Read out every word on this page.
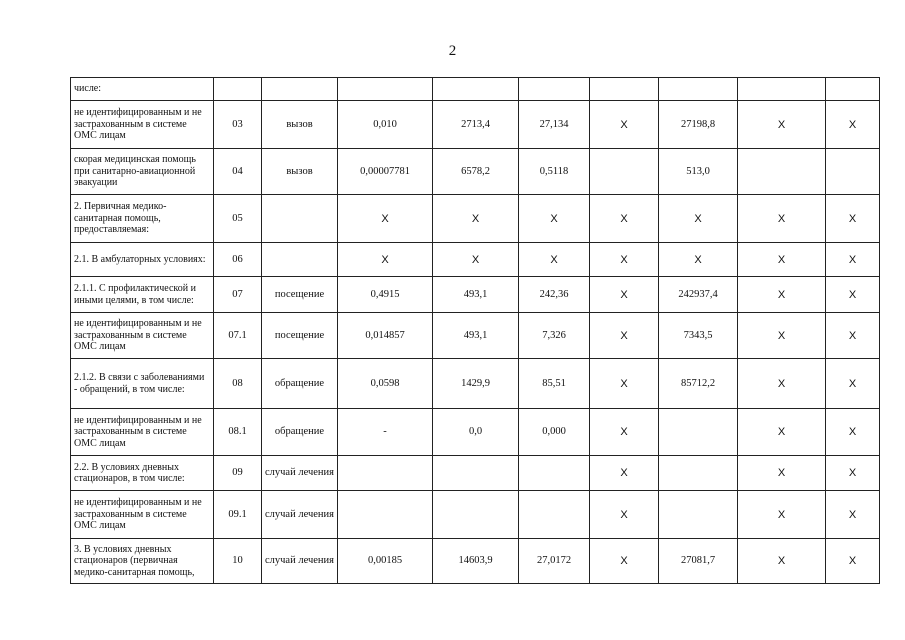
2
числе:									
не идентифицированным и не застрахованным в системе ОМС лицам	03	вызов	0,010	2713,4	27,134	Х	27198,8	Х	Х
скорая медицинская помощь при санитарно-авиационной эвакуации	04	вызов	0,00007781	6578,2	0,5118		513,0		
2. Первичная медико-санитарная помощь, предоставляемая:	05		Х	Х	Х	Х	Х	Х	Х
2.1. В амбулаторных условиях:	06		Х	Х	Х	Х	Х	Х	Х
2.1.1. С профилактической и иными целями, в том числе:	07	посещение	0,4915	493,1	242,36	Х	242937,4	Х	Х
не идентифицированным и не застрахованным в системе ОМС лицам	07.1	посещение	0,014857	493,1	7,326	Х	7343,5	Х	Х
2.1.2. В связи с заболеваниями - обращений, в том числе:	08	обращение	0,0598	1429,9	85,51	Х	85712,2	Х	Х
не идентифицированным и не застрахованным в системе ОМС лицам	08.1	обращение	-	0,0	0,000	Х		Х	Х
2.2. В условиях дневных стационаров, в том числе:	09	случай лечения				Х		Х	Х
не идентифицированным и не застрахованным в системе ОМС лицам	09.1	случай лечения				Х		Х	Х
3. В условиях дневных стационаров (первичная медико-санитарная помощь,	10	случай лечения	0,00185	14603,9	27,0172	Х	27081,7	Х	Х
